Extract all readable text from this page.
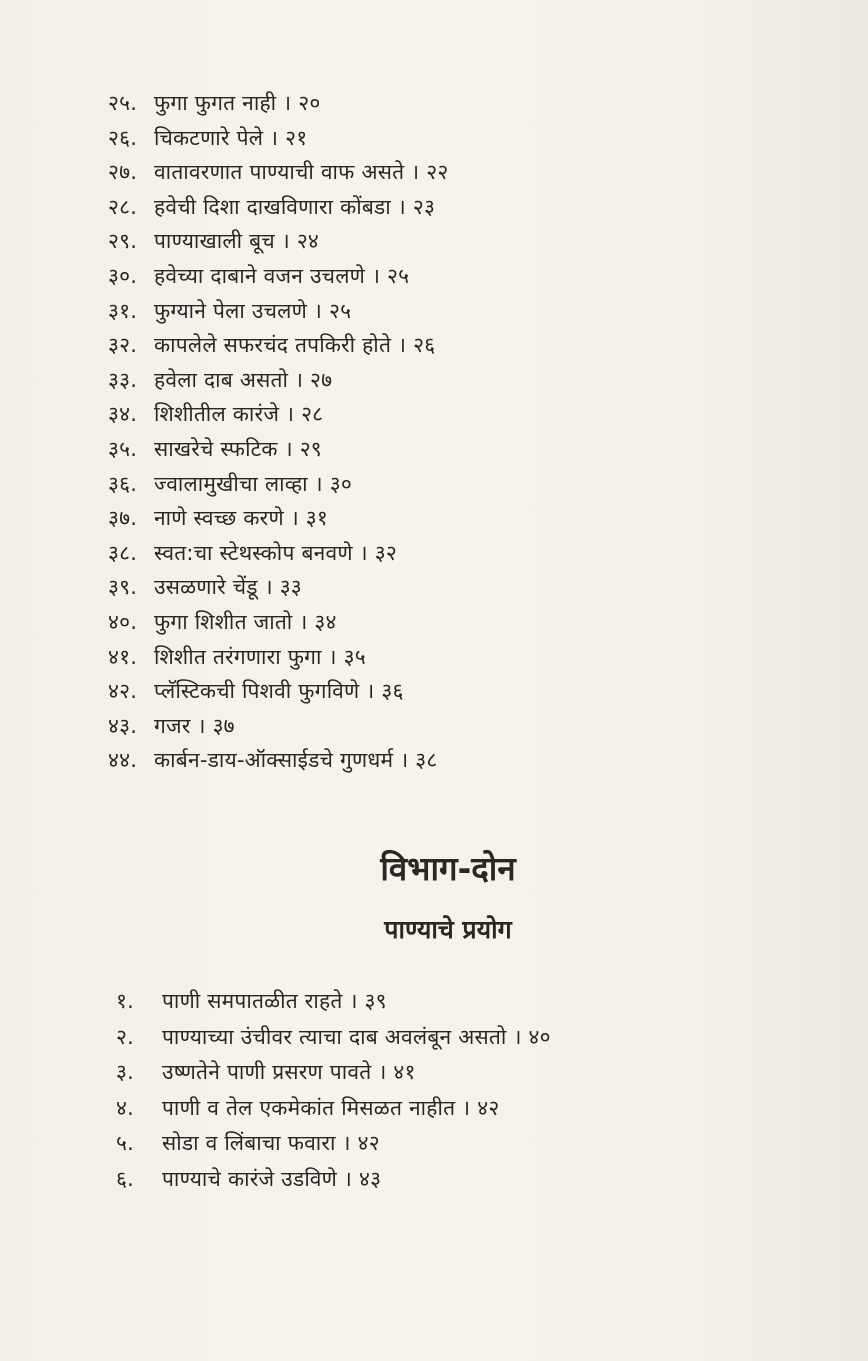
२५. फुगा फुगत नाही । २०
२६. चिकटणारे पेले । २१
२७. वातावरणात पाण्याची वाफ असते । २२
२८. हवेची दिशा दाखविणारा कोंबडा । २३
२९. पाण्याखाली बूच । २४
३०. हवेच्या दाबाने वजन उचलणे । २५
३१. फुग्याने पेला उचलणे । २५
३२. कापलेले सफरचंद तपकिरी होते । २६
३३. हवेला दाब असतो । २७
३४. शिशीतील कारंजे । २८
३५. साखरेचे स्फटिक । २९
३६. ज्वालामुखीचा लाव्हा । ३०
३७. नाणे स्वच्छ करणे । ३१
३८. स्वत:चा स्टेथस्कोप बनवणे । ३२
३९. उसळणारे चेंडू । ३३
४०. फुगा शिशीत जातो । ३४
४१. शिशीत तरंगणारा फुगा । ३५
४२. प्लॅस्टिकची पिशवी फुगविणे । ३६
४३. गजर । ३७
४४. कार्बन-डाय-ऑक्साईडचे गुणधर्म । ३८
विभाग-दोन
पाण्याचे प्रयोग
१. पाणी समपातळीत राहते । ३९
२. पाण्याच्या उंचीवर त्याचा दाब अवलंबून असतो । ४०
३. उष्णतेने पाणी प्रसरण पावते । ४१
४. पाणी व तेल एकमेकांत मिसळत नाहीत । ४२
५. सोडा व लिंबाचा फवारा । ४२
६. पाण्याचे कारंजे उडविणे । ४३
